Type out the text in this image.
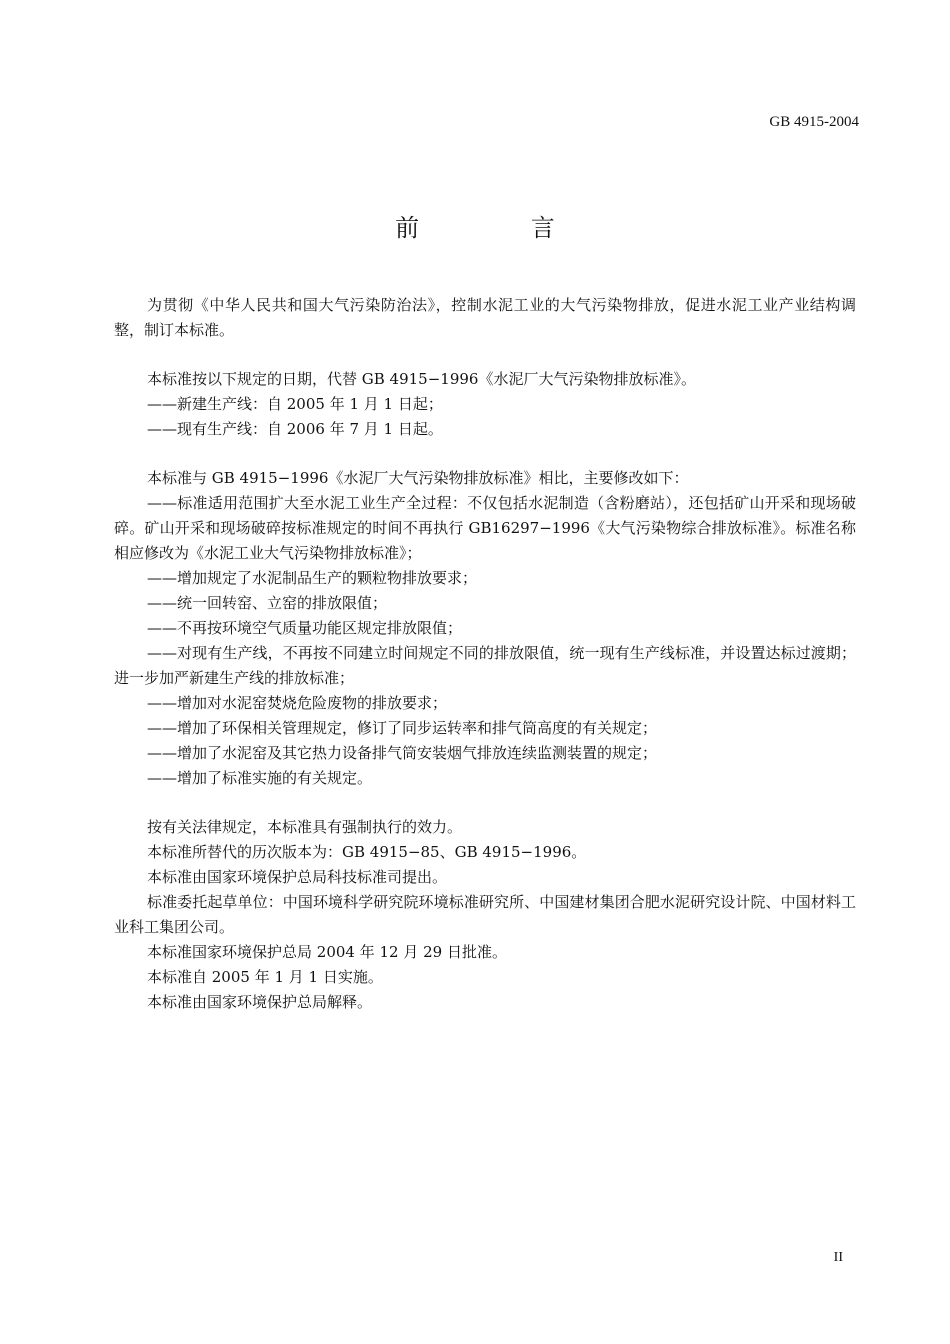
GB 4915-2004
前 言

为贯彻《中华人民共和国大气污染防治法》，控制水泥工业的大气污染物排放，促进水泥工业产业结构调整，制订本标准。

本标准按以下规定的日期，代替 GB 4915−1996《水泥厂大气污染物排放标准》。

——新建生产线：自 2005 年 1 月 1 日起；

——现有生产线：自 2006 年 7 月 1 日起。

本标准与 GB 4915−1996《水泥厂大气污染物排放标准》相比，主要修改如下：

——标准适用范围扩大至水泥工业生产全过程：不仅包括水泥制造（含粉磨站），还包括矿山开采和现场破碎。矿山开采和现场破碎按标准规定的时间不再执行 GB16297−1996《大气污染物综合排放标准》。标准名称相应修改为《水泥工业大气污染物排放标准》；

——增加规定了水泥制品生产的颗粒物排放要求；

——统一回转窑、立窑的排放限值；

——不再按环境空气质量功能区规定排放限值；

——对现有生产线，不再按不同建立时间规定不同的排放限值，统一现有生产线标准，并设置达标过渡期；进一步加严新建生产线的排放标准；

——增加对水泥窑焚烧危险废物的排放要求；

——增加了环保相关管理规定，修订了同步运转率和排气筒高度的有关规定；

——增加了水泥窑及其它热力设备排气筒安装烟气排放连续监测装置的规定；

——增加了标准实施的有关规定。

按有关法律规定，本标准具有强制执行的效力。

本标准所替代的历次版本为：GB 4915−85、GB 4915−1996。

本标准由国家环境保护总局科技标准司提出。

标准委托起草单位：中国环境科学研究院环境标准研究所、中国建材集团合肥水泥研究设计院、中国材料工业科工集团公司。

本标准国家环境保护总局 2004 年 12 月 29 日批准。

本标准自 2005 年 1 月 1 日实施。

本标准由国家环境保护总局解释。

II
